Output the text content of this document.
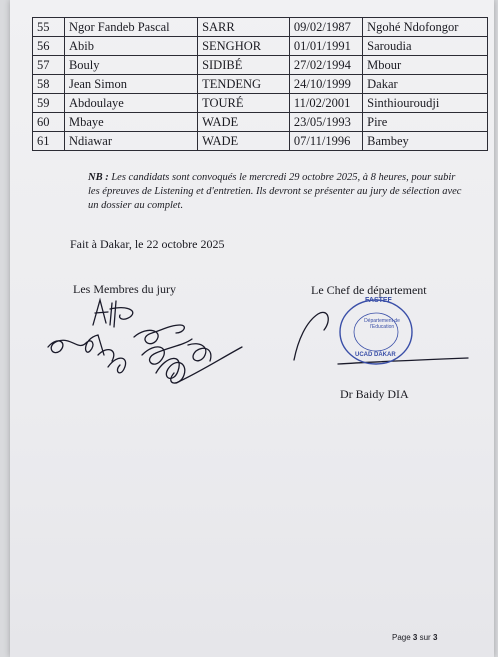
55	Ngor Fandeb Pascal	SARR	09/02/1987	Ngohé Ndofongor
56	Abib	SENGHOR	01/01/1991	Saroudia
57	Bouly	SIDIBÉ	27/02/1994	Mbour
58	Jean Simon	TENDENG	24/10/1999	Dakar
59	Abdoulaye	TOURÉ	11/02/2001	Sinthiouroudji
60	Mbaye	WADE	23/05/1993	Pire
61	Ndiawar	WADE	07/11/1996	Bambey
NB : Les candidats sont convoqués le mercredi 29 octobre 2025, à 8 heures, pour subir les épreuves de Listening et d'entretien. Ils devront se présenter au jury de sélection avec un dossier au complet.
Fait à Dakar, le 22 octobre 2025
Les Membres du jury	Le Chef de département
FASTEF
Département de l'Education
UCAD DAKAR
Dr Baidy DIA
Page 3 sur 3
